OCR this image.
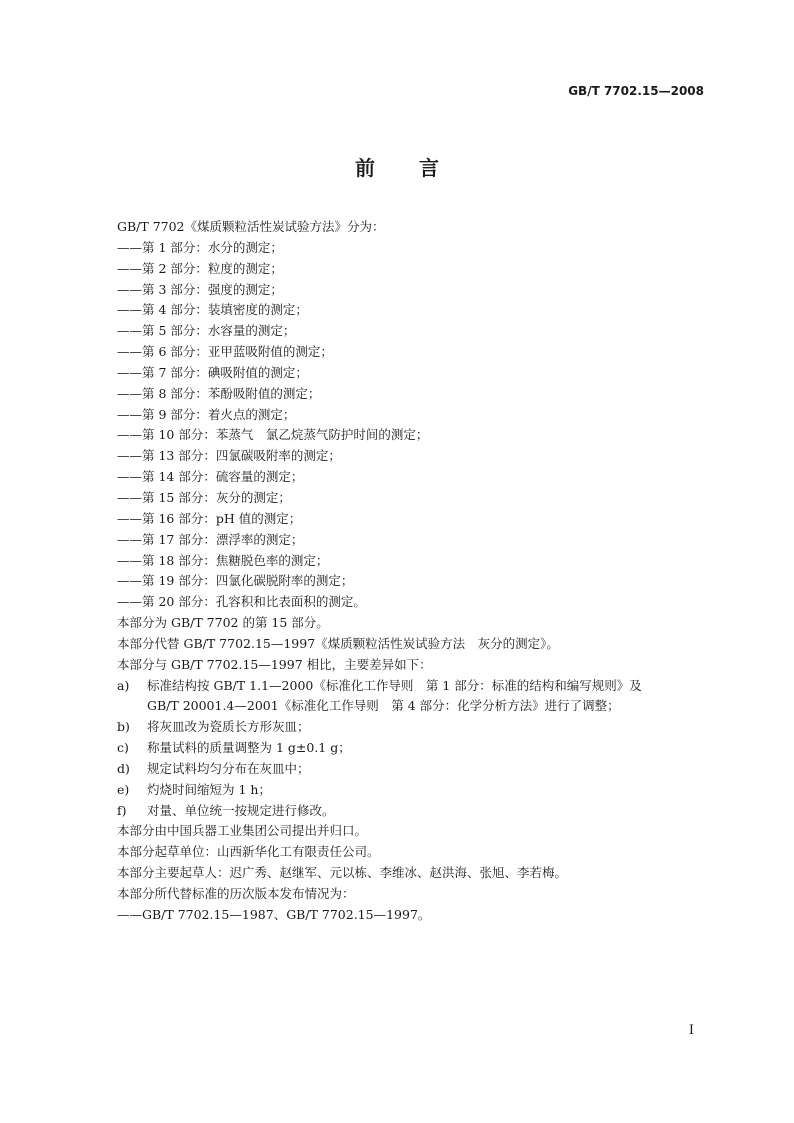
GB/T 7702.15—2008
前言
GB/T 7702《煤质颗粒活性炭试验方法》分为：
——第 1 部分：水分的测定；
——第 2 部分：粒度的测定；
——第 3 部分：强度的测定；
——第 4 部分：装填密度的测定；
——第 5 部分：水容量的测定；
——第 6 部分：亚甲蓝吸附值的测定；
——第 7 部分：碘吸附值的测定；
——第 8 部分：苯酚吸附值的测定；
——第 9 部分：着火点的测定；
——第 10 部分：苯蒸气　氯乙烷蒸气防护时间的测定；
——第 13 部分：四氯碳吸附率的测定；
——第 14 部分：硫容量的测定；
——第 15 部分：灰分的测定；
——第 16 部分：pH 值的测定；
——第 17 部分：漂浮率的测定；
——第 18 部分：焦糖脱色率的测定；
——第 19 部分：四氯化碳脱附率的测定；
——第 20 部分：孔容积和比表面积的测定。
本部分为 GB/T 7702 的第 15 部分。
本部分代替 GB/T 7702.15—1997《煤质颗粒活性炭试验方法　灰分的测定》。
本部分与 GB/T 7702.15—1997 相比，主要差异如下：
a)	标准结构按 GB/T 1.1—2000《标准化工作导则　第 1 部分：标准的结构和编写规则》及
GB/T 20001.4—2001《标准化工作导则　第 4 部分：化学分析方法》进行了调整；
b)	将灰皿改为瓷质长方形灰皿；
c)	称量试料的质量调整为 1 g±0.1 g；
d)	规定试料均匀分布在灰皿中；
e)	灼烧时间缩短为 1 h；
f)	对量、单位统一按规定进行修改。
本部分由中国兵器工业集团公司提出并归口。
本部分起草单位：山西新华化工有限责任公司。
本部分主要起草人：迟广秀、赵继军、元以栋、李维冰、赵洪海、张旭、李若梅。
本部分所代替标准的历次版本发布情况为：
——GB/T 7702.15—1987、GB/T 7702.15—1997。
I
